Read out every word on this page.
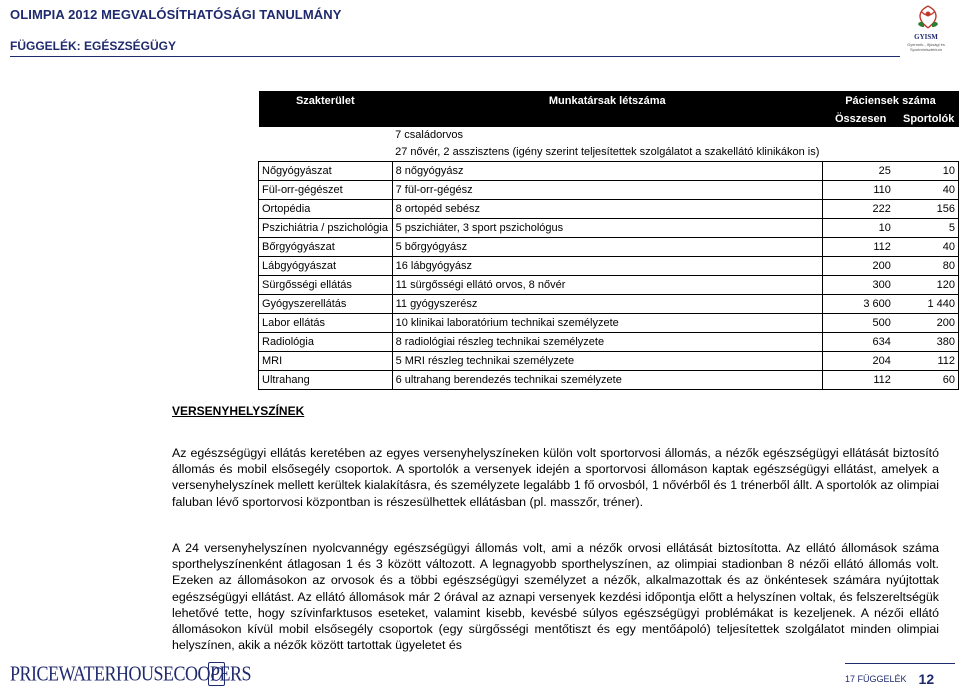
OLIMPIA 2012 MEGVALÓSÍTHATÓSÁGI TANULMÁNY
FÜGGELÉK: EGÉSZSÉGÜGY
GYISM
Gyermek-, Ifjúsági és Sportminisztérium
Szakterület	Munkatársak létszáma	Páciensek száma	
		Összesen	Sportolók
	7 családorvos		
	27 nővér, 2 asszisztens (igény szerint teljesítettek szolgálatot a szakellátó klinikákon is)		
Nőgyógyászat	8 nőgyógyász	25	10
Fül-orr-gégészet	7 fül-orr-gégész	110	40
Ortopédia	8 ortopéd sebész	222	156
Pszichiátria / pszichológia	5 pszichiáter, 3 sport pszichológus	10	5
Bőrgyógyászat	5 bőrgyógyász	112	40
Lábgyógyászat	16 lábgyógyász	200	80
Sürgősségi ellátás	11 sürgősségi ellátó orvos, 8 nővér	300	120
Gyógyszerellátás	11 gyógyszerész	3 600	1 440
Labor ellátás	10 klinikai laboratórium technikai személyzete	500	200
Radiológia	8 radiológiai részleg technikai személyzete	634	380
MRI	5 MRI részleg technikai személyzete	204	112
Ultrahang	6 ultrahang berendezés technikai személyzete	112	60
VERSENYHELYSZÍNEK
Az egészségügyi ellátás keretében az egyes versenyhelyszíneken külön volt sportorvosi állomás, a nézők egészségügyi ellátását biztosító állomás és mobil elsősegély csoportok. A sportolók a versenyek idején a sportorvosi állomáson kaptak egészségügyi ellátást, amelyek a versenyhelyszínek mellett kerültek kialakításra, és személyzete legalább 1 fő orvosból, 1 nővérből és 1 trénerből állt. A sportolók az olimpiai faluban lévő sportorvosi központban is részesülhettek ellátásban (pl. masszőr, tréner).
A 24 versenyhelyszínen nyolcvannégy egészségügyi állomás volt, ami a nézők orvosi ellátását biztosította. Az ellátó állomások száma sporthelyszínenként átlagosan 1 és 3 között változott. A legnagyobb sporthelyszínen, az olimpiai stadionban 8 nézői ellátó állomás volt. Ezeken az állomásokon az orvosok és a többi egészségügyi személyzet a nézők, alkalmazottak és az önkéntesek számára nyújtottak egészségügyi ellátást. Az ellátó állomások már 2 órával az aznapi versenyek kezdési időpontja előtt a helyszínen voltak, és felszereltségük lehetővé tette, hogy szívinfarktusos eseteket, valamint kisebb, kevésbé súlyos egészségügyi problémákat is kezeljenek. A nézői ellátó állomásokon kívül mobil elsősegély csoportok (egy sürgősségi mentőtiszt és egy mentőápoló) teljesítettek szolgálatot minden olimpiai helyszínen, akik a nézők között tartottak ügyeletet és
PRICEWATERHOUSECOOPERS	17 FÜGGELÉK 12
